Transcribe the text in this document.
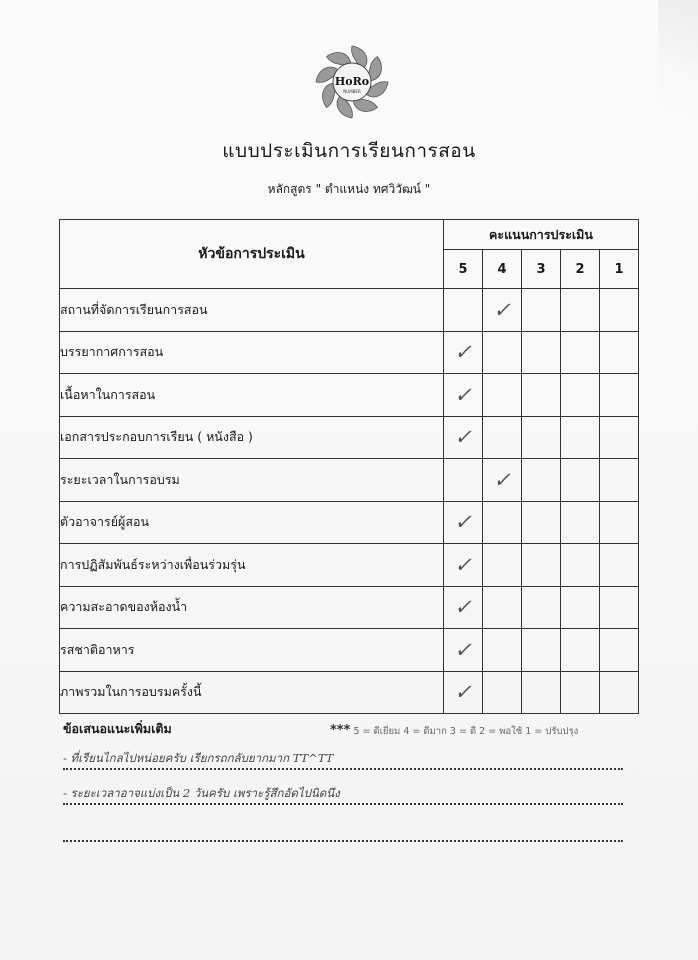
HoRo
NUMBER
แบบประเมินการเรียนการสอน
หลักสูตร " ตำแหน่ง ทศวิวัฒน์ "
หัวข้อการประเมิน	คะแนนการประเมิน				
	5	4	3	2	1
สถานที่จัดการเรียนการสอน		✓			
บรรยากาศการสอน	✓				
เนื้อหาในการสอน	✓				
เอกสารประกอบการเรียน ( หนังสือ )	✓				
ระยะเวลาในการอบรม		✓			
ตัวอาจารย์ผู้สอน	✓				
การปฏิสัมพันธ์ระหว่างเพื่อนร่วมรุ่น	✓				
ความสะอาดของห้องน้ำ	✓				
รสชาติอาหาร	✓				
ภาพรวมในการอบรมครั้งนี้	✓				
ข้อเสนอแนะเพิ่มเติม	*** 5 = ดีเยี่ยม 4 = ดีมาก 3 = ดี 2 = พอใช้ 1 = ปรับปรุง
- ที่เรียนไกลไปหน่อยครับ เรียกรถกลับยากมาก TT^TT
- ระยะเวลาอาจแบ่งเป็น 2 วันครับ เพราะรู้สึกอัดไปนิดนึง
